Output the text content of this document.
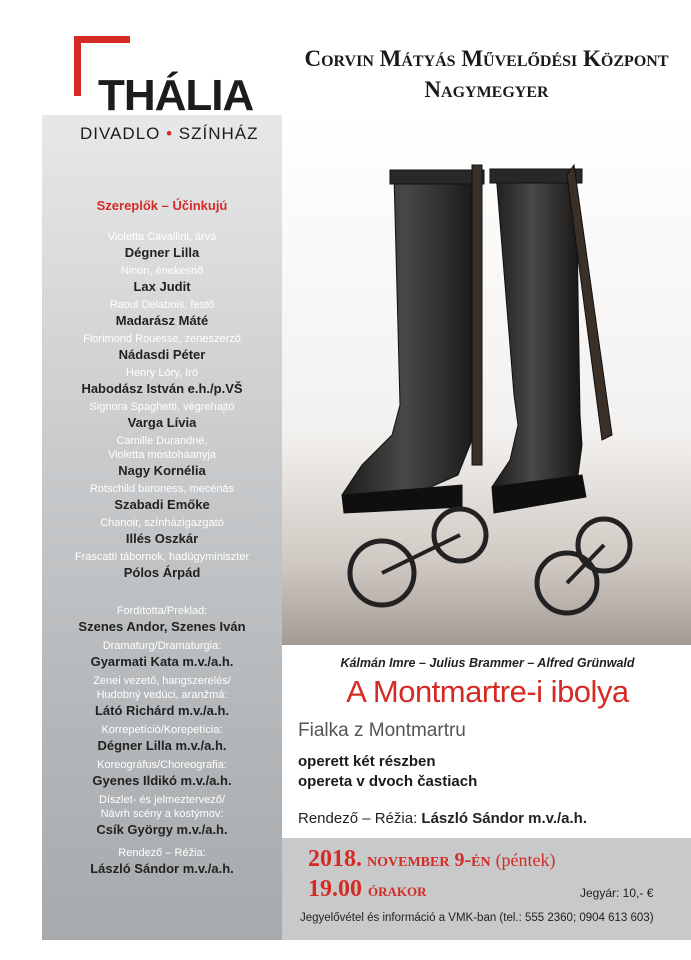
THÁLIA
DIVADLO • SZÍNHÁZ
Corvin Mátyás Művelődési Központ
Nagymegyer
Szereplők – Účinkujú
Violetta Cavallini, árva
Dégner Lilla
Ninon, énekesnő
Lax Judit
Raoul Delabois, festő
Madarász Máté
Florimond Rouesse, zeneszerző
Nádasdi Péter
Henry Lóry, író
Habodász István e.h./p.VŠ
Signora Spaghetti, végrehajtó
Varga Lívia
Camille Durandné,
Violetta mostohaanyja
Nagy Kornélia
Rotschild baroness, mecénás
Szabadi Emőke
Chanoir, színházigazgató
Illés Oszkár
Frascatti tábornok, hadügyminiszter
Pólos Árpád
Fordította/Preklad:
Szenes Andor, Szenes Iván
Dramaturg/Dramaturgia:
Gyarmati Kata m.v./a.h.
Zenei vezető, hangszerelés/
Hudobný vedúci, aranžmá:
Látó Richárd m.v./a.h.
Korrepetíció/Korepetícia:
Dégner Lilla m.v./a.h.
Koreográfus/Choreografia:
Gyenes Ildikó m.v./a.h.
Díszlet- és jelmeztervező/
Návrh scény a kostýmov:
Csík György m.v./a.h.
Rendező – Réžia:
László Sándor m.v./a.h.
Kálmán Imre – Julius Brammer – Alfred Grünwald
A Montmartre-i ibolya
Fialka z Montmartru
operett két részben
opereta v dvoch častiach
Rendező – Réžia: László Sándor m.v./a.h.
2018. november 9-én (péntek)
19.00 órakor	Jegyár: 10,- €
Jegyelővétel és információ a VMK-ban (tel.: 555 2360; 0904 613 603)
